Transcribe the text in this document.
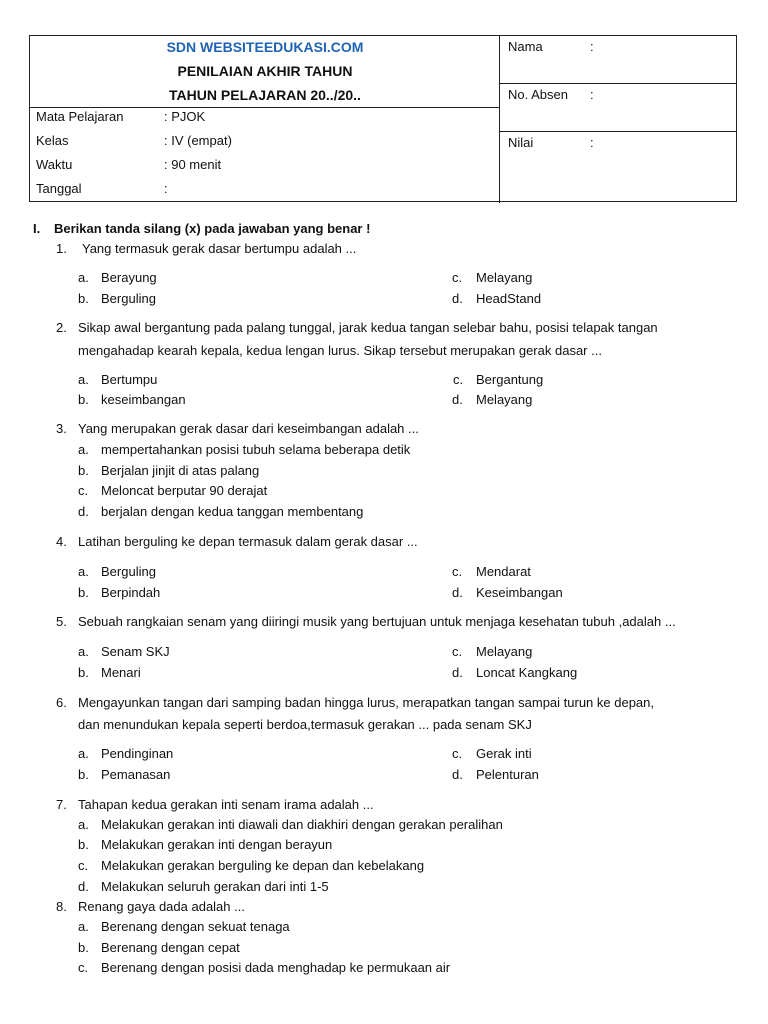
SDN WEBSITEEDUKASI.COM
PENILAIAN AKHIR TAHUN
TAHUN PELAJARAN 20../20..
Mata Pelajaran	: PJOK
Kelas	: IV (empat)
Waktu	: 90 menit
Tanggal	:
Nama	:
No. Absen :
Nilai	:
I. Berikan tanda silang (x) pada jawaban yang benar !
1. Yang termasuk gerak dasar bertumpu adalah ...
a. Berayung	c. Melayang
b. Berguling	d. HeadStand
2. Sikap awal bergantung pada palang tunggal, jarak kedua tangan selebar bahu, posisi telapak tangan
mengahadap kearah kepala, kedua lengan lurus. Sikap tersebut merupakan gerak dasar ...
a. Bertumpu	c. Bergantung
b. keseimbangan	d. Melayang
3. Yang merupakan gerak dasar dari keseimbangan adalah ...
a. mempertahankan posisi tubuh selama beberapa detik
b. Berjalan jinjit di atas palang
c. Meloncat berputar 90 derajat
d. berjalan dengan kedua tanggan membentang
4. Latihan berguling ke depan termasuk dalam gerak dasar ...
a. Berguling	c. Mendarat
b. Berpindah	d. Keseimbangan
5. Sebuah rangkaian senam yang diiringi musik yang bertujuan untuk menjaga kesehatan tubuh ,adalah ...
a. Senam SKJ	c. Melayang
b. Menari	d. Loncat Kangkang
6. Mengayunkan tangan dari samping badan hingga lurus, merapatkan tangan sampai turun ke depan,
dan menundukan kepala seperti berdoa,termasuk gerakan ... pada senam SKJ
a. Pendinginan	c. Gerak inti
b. Pemanasan	d. Pelenturan
7. Tahapan kedua gerakan inti senam irama adalah ...
a. Melakukan gerakan inti diawali dan diakhiri dengan gerakan peralihan
b. Melakukan gerakan inti dengan berayun
c. Melakukan gerakan berguling ke depan dan kebelakang
d. Melakukan seluruh gerakan dari inti 1-5
8. Renang gaya dada adalah ...
a. Berenang dengan sekuat tenaga
b. Berenang dengan cepat
c. Berenang dengan posisi dada menghadap ke permukaan air
